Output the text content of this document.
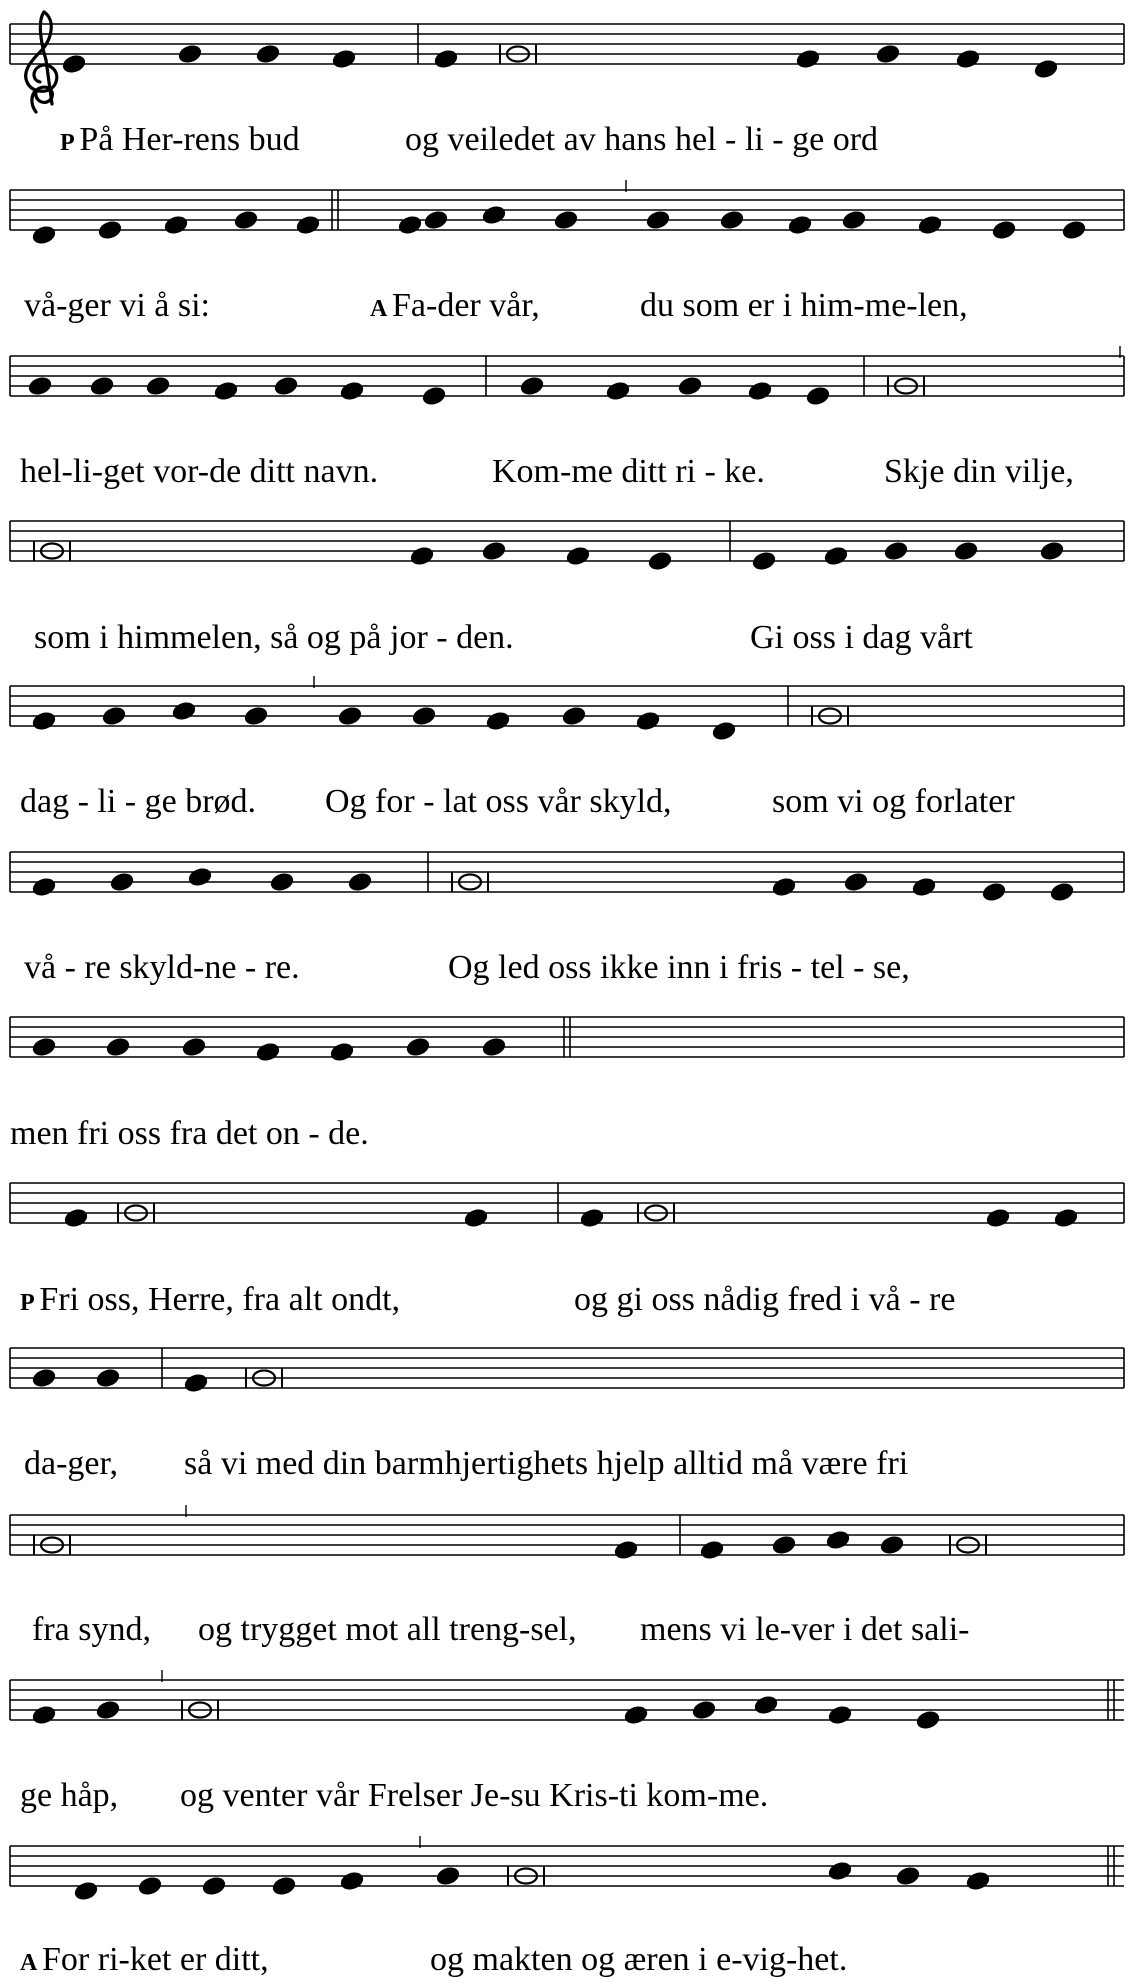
P På Her-rens bud	og veiledet av hans hel - li - ge ord
vå-ger vi å si:	A Fa-der vår,	du som er i him-me-len,
hel-li-get vor-de ditt navn.	Kom-me ditt ri - ke.	Skje din vilje,
som i himmelen, så og på jor - den.	Gi oss i dag vårt
dag - li - ge brød. Og for - lat oss vår skyld,	som vi og forlater
vå - re skyld-ne - re.	Og led oss ikke inn i fris - tel - se,
men fri oss fra det on - de.
P Fri oss, Herre, fra alt ondt,	og gi oss nådig fred i vå - re
da-ger, så vi med din barmhjertighets hjelp alltid må være fri
fra synd, og trygget mot all treng-sel, mens vi le-ver i det sali-
ge håp, og venter vår Frelser Je-su Kris-ti kom-me.
A For ri-ket er ditt,	og makten og æren i e-vig-het.
